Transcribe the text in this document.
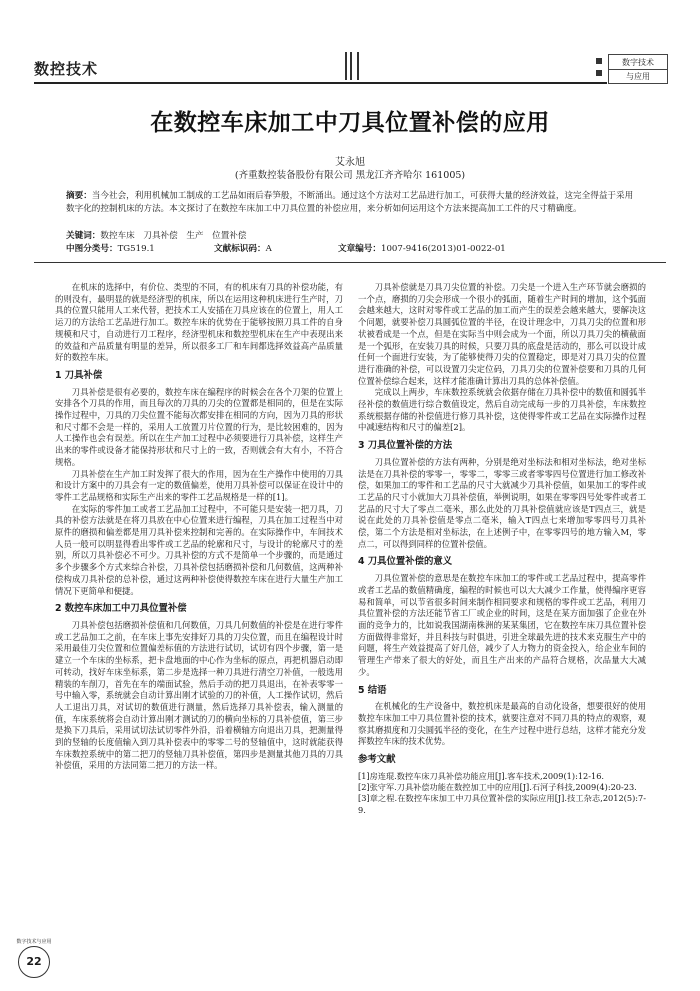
数控技术	数字技术
与应用
在数控车床加工中刀具位置补偿的应用
艾永旭
(齐重数控装备股份有限公司 黑龙江齐齐哈尔 161005)
摘要：当今社会，利用机械加工制成的工艺品如雨后春笋般，不断涌出。通过这个方法对工艺品进行加工，可获得大量的经济效益，这完全得益于采用数字化的控制机床的方法。本文探讨了在数控车床加工中刀具位置的补偿应用，来分析如何运用这个方法来提高加工工件的尺寸精确度。
关键词：数控车床　刀具补偿　生产　位置补偿
中图分类号：TG519.1	文献标识码：A	文章编号：1007-9416(2013)01-0022-01

在机床的选择中，有价位、类型的不同，有的机床有刀具的补偿功能，有的则没有，最明显的就是经济型的机床，所以在运用这种机床进行生产时，刀具的位置只能用人工来代替，把技术工人安插在刀具应该在的位置上，用人工运刀的方法给工艺品进行加工。数控车床的优势在于能够按照刀具工件的自身规模和尺寸，自动进行刀工程序，经济型机床和数控型机床在生产中表现出来的效益和产品质量有明显的差异，所以很多工厂和车间都选择效益高产品质量好的数控车床。

1 刀具补偿

刀具补偿是很有必要的，数控车床在编程序的时候会在各个刀架的位置上安排各个刀具的作用，而且每次的刀具的刀尖的位置都是相同的，但是在实际操作过程中，刀具的刀尖位置不能每次都安排在相同的方向，因为刀具的形状和尺寸都不会是一样的，采用人工放置刀片位置的行为，是比较困难的，因为人工操作也会有误差。所以在生产加工过程中必须要进行刀具补偿，这样生产出来的零件或设备才能保持形状和尺寸上的一致，否则就会有大有小，不符合规格。

刀具补偿在生产加工时发挥了很大的作用，因为在生产操作中使用的刀具和设计方案中的刀具会有一定的数值偏差，使用刀具补偿可以保证在设计中的零件工艺品规格和实际生产出来的零件工艺品规格是一样的[1]。

在实际的零件加工或者工艺品加工过程中，不可能只是安装一把刀具，刀具的补偿方法就是在将刀具放在中心位置来进行编程，刀具在加工过程当中对原件的磨损和偏差都是用刀具补偿来控制和完善的。在实际操作中，车间技术人员一般可以明显得看出零件或工艺品的轮廓和尺寸，与设计的轮廓尺寸的差别，所以刀具补偿必不可少。刀具补偿的方式不是简单一个步骤的，而是通过多个步骤多个方式来综合补偿，刀具补偿包括磨损补偿和几何数值，这两种补偿构成刀具补偿的总补偿，通过这两种补偿使得数控车床在进行大量生产加工情况下更简单和便捷。

2 数控车床加工中刀具位置补偿

刀具补偿包括磨损补偿值和几何数值，刀具几何数值的补偿是在进行零件或工艺品加工之前，在车床上事先安排好刀具的刀尖位置，而且在编程设计时采用最佳刀尖位置和位置偏差标值的方法进行试切，试切有四个步骤，第一是建立一个车床的坐标系，把卡盘地面的中心作为坐标的原点，再把机器启动即可转动，找好车床坐标系，第二步是选择一种刀具进行清空刀补值，一般选用精装的车削刀，首先在车的端面试验，然后手动的把刀具退出，在补表零零一号中输入零，系统就会自动计算出刚才试验的刀的补值，人工操作试切，然后人工退出刀具，对试切的数值进行测量，然后选择刀具补偿表，输入测量的值，车床系统将会自动计算出刚才测试的刀的横向坐标的刀具补偿值，第三步是换下刀具后，采用试切法试切零件外沿，沿着横轴方向退出刀具，把测量得到的竖轴的长度值输入到刀具补偿表中的零零二号的竖轴值中，这时就能获得车床数控系统中的第二把刀的竖轴刀具补偿值，第四步是测量其他刀具的刀具补偿值，采用的方法同第二把刀的方法一样。

刀具补偿就是刀具刀尖位置的补偿。刀尖是一个进入生产环节就会磨损的一个点，磨损的刀尖会形成一个很小的弧面，随着生产时间的增加，这个弧面会越来越大，这时对零件或工艺品的加工而产生的误差会越来越大，要解决这个问题，就要补偿刀具圆弧位置的半径，在设计理念中，刀具刀尖的位置和形状被看成是一个点，但是在实际当中则会成为一个面，所以刀具刀尖的横截面是一个弧形，在安装刀具的时候，只要刀具的底盘是活动的，那么可以设计成任何一个面进行安装，为了能够使得刀尖的位置稳定，即是对刀具刀尖的位置进行准确的补偿，可以设置刀尖定位码，刀具刀尖的位置补偿要和刀具的几何位置补偿综合起来，这样才能准确计算出刀具的总体补偿值。

完成以上两步，车床数控系统就会依据存储在刀具补偿中的数值和圆弧半径补偿的数值进行综合数值设定，然后自动完成每一步的刀具补偿，车床数控系统根据存储的补偿值进行修刀具补偿，这使得零件或工艺品在实际操作过程中减速结构和尺寸的偏差[2]。

3 刀具位置补偿的方法

刀具位置补偿的方法有两种，分别是绝对坐标法和相对坐标法，绝对坐标法是在刀具补偿的零零一，零零二，零零三或者零零四号位置进行加工修改补偿，如果加工的零件和工艺品的尺寸大就减少刀具补偿值，如果加工的零件或工艺品的尺寸小就加大刀具补偿值，举例说明，如果在零零四号处零件或者工艺品的尺寸大了零点二毫米，那么此处的刀具补偿值就应该是T四点三，就是说在此处的刀具补偿值是零点二毫米，输入T四点七来增加零零四号刀具补偿，第二个方法是相对坐标法，在上述例子中，在零零四号的地方输入M，零点二，可以得到同样的位置补偿值。

4 刀具位置补偿的意义

刀具位置补偿的意思是在数控车床加工的零件或工艺品过程中，提高零件或者工艺品的数值精确度，编程的时候也可以大大减少工作量，使得编序更容易和简单，可以节省很多时间来制作相同要求和规格的零件或工艺品，利用刀具位置补偿的方法还能节省工厂或企业的时间，这是在某方面加强了企业在外面的竞争力的，比如说我国湖南株洲的某某集团，它在数控车床刀具位置补偿方面做得非常好，并且科技与时俱进，引进全球最先进的技术来克服生产中的问题，将生产效益提高了好几倍，减少了人力物力的资金投入，给企业车间的管理生产带来了很大的好处，而且生产出来的产品符合规格，次品量大大减少。

5 结语

在机械化的生产设备中，数控机床是最高的自动化设备，想要很好的使用数控车床加工中刀具位置补偿的技术，就要注意对不同刀具的特点的观察，观察其磨损度和刀尖圆弧半径的变化，在生产过程中进行总结，这样才能充分发挥数控车床的技术优势。

参考文献

[1]房连琨.数控车床刀具补偿功能应用[J].客车技术,2009(1):12-16.

[2]张守军.刀具补偿功能在数控加工中的应用[J].石河子科技,2009(4):20-23.

[3]章之程.在数控车床加工中刀具位置补偿的实际应用[J].技工杂志,2012(5):7-9.

数字技术与应用
22
